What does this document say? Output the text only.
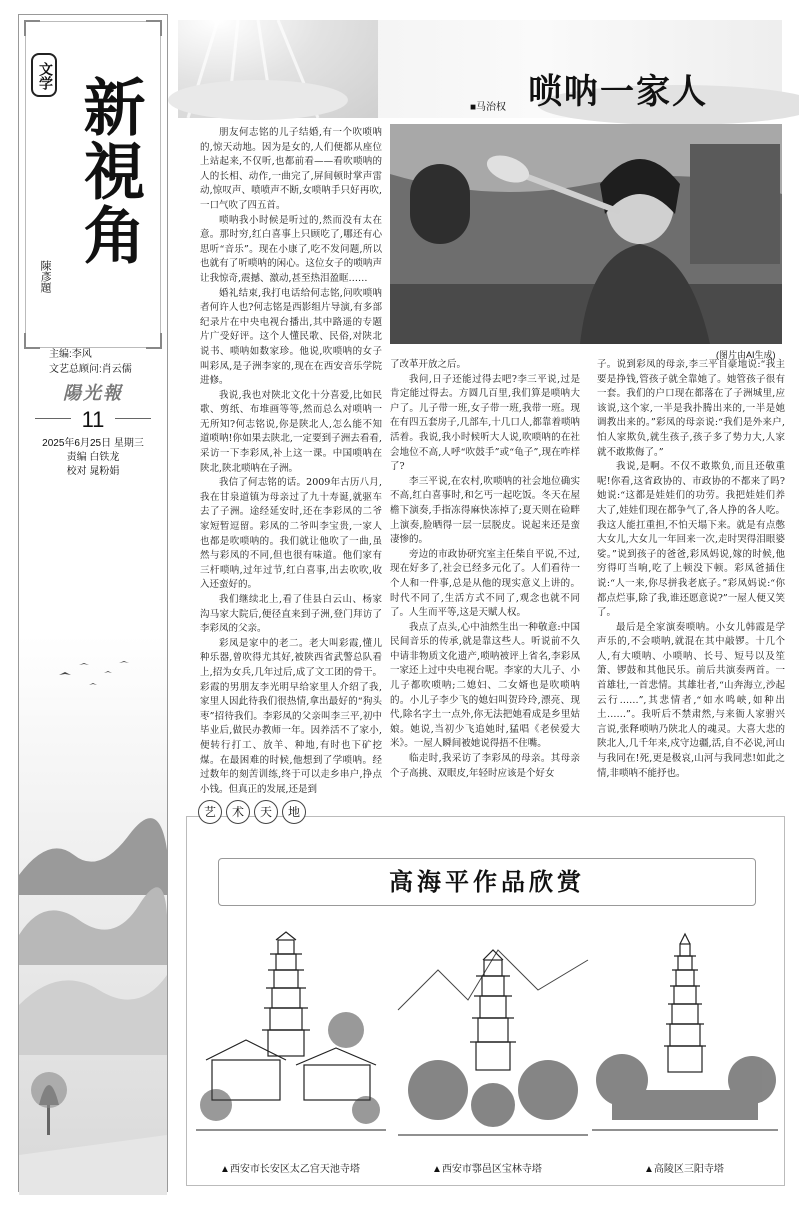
文学 新視角
陳彥題
主编:李风
文艺总顾问:肖云儒
陽光報
11
2025年6月25日 星期三
责编 白铁龙
校对 晁粉娟
唢呐一家人
■马治权
(图片由AI生成)

朋友何志铭的儿子结婚,有一个吹唢呐的,惊天动地。因为是女的,人们便都从座位上站起来,不仅听,也都前看——看吹唢呐的人的长相、动作,一曲完了,屏间顿时掌声雷动,惊叹声、喷喷声不断,女唢呐手只好再吹,一口气吹了四五首。

唢呐我小时候是听过的,然而没有太在意。那时穷,红白喜事上只顾吃了,哪还有心思听“音乐”。现在小康了,吃不发问题,所以也就有了听唢呐的闲心。这位女子的唢呐声让我惊奇,震撼、激动,甚至热泪盈眶……

婚礼结束,我打电话给何志铭,问吹唢呐者何许人也?何志铭是西影组片导演,有多部纪录片在中央电视台播出,其中路遥的专题片广受好评。这个人懂民歌、民俗,对陕北说书、唢呐如数家珍。他说,吹唢呐的女子叫彩凤,是子洲李家的,现在在西安音乐学院进修。

我说,我也对陕北文化十分喜爱,比如民歌、剪纸、布堆画等等,然而总么对唢呐一无所知?何志铭说,你是陕北人,怎么能不知道唢呐!你如果去陕北,一定要到子洲去看看,采访一下李彩凤,补上这一课。中国唢呐在陕北,陕北唢呐在子洲。

我信了何志铭的话。2009年古历八月,我在甘泉道镇为母亲过了九十寿诞,就驱车去了子洲。途经延安时,还在李彩凤的二爷家短暂逗留。彩凤的二爷叫李宝贵,一家人也都是吹唢呐的。我们就让他吹了一曲,虽然与彩凤的不同,但也很有味道。他们家有三杆唢呐,过年过节,红白喜事,出去吹吹,收入还蛮好的。

我们继续北上,看了佳县白云山、杨家沟马家大院后,便径直来到子洲,登门拜访了李彩凤的父亲。

彩凤是家中的老二。老大叫彩霞,懂儿种乐器,曾吹得尤其好,被陕西省武警总队看上,招为女兵,几年过后,成了文工团的骨干。彩霞的男朋友李光明早给家里人介绍了我,家里人因此待我们很热情,拿出最好的“狗头枣”招待我们。李彩凤的父亲叫李三平,初中毕业后,做民办教师一年。因养活不了家小,便转行打工、放羊、种地,有时也下矿挖煤。在最困难的时候,他想到了学唢呐。经过数年的刻苦训练,终于可以走乡串户,挣点小钱。但真正的发展,还是到

了改革开放之后。

我问,日子还能过得去吧?李三平说,过是肯定能过得去。方圆几百里,我们算是唢呐大户了。儿子带一班,女子带一班,我带一班。现在有四五套房子,几部车,十几口人,都靠着唢呐活着。我说,我小时候听大人说,吹唢呐的在社会地位不高,人呼“吹鼓手”或“龟子”,现在咋样了?

李三平说,在农村,吹唢呐的社会地位确实不高,红白喜事时,和乞丐一起吃饭。冬天在屋檐下演奏,手指冻得麻快冻掉了;夏天则在硷畔上演奏,脸晒得一层一层脱皮。说起来还是蛮凄惨的。

旁边的市政协研究室主任柴自平说,不过,现在好多了,社会已经多元化了。人们看待一个人和一件事,总是从他的现实意义上讲的。时代不同了,生活方式不同了,观念也就不同了。人生而平等,这是天赋人权。

我点了点头,心中油然生出一种敬意:中国民间音乐的传承,就是靠这些人。听说前不久中请非物质文化遗产,唢呐被评上省名,李彩凤一家还上过中央电视台呢。李家的大儿子、小儿子都吹唢呐;二媳妇、二女婿也是吹唢呐的。小儿子李少飞的媳妇叫贺玲玲,漂亮、现代,除名字土一点外,你无法把她看成是乡里姑娘。她说,当初少飞追她时,猛唱《老侯爱大米》。一屋人瞬间被她说得捂不住嘴。

临走时,我采访了李彩凤的母亲。其母亲个子高挑、双眼皮,年轻时应该是个好女

子。说到彩凤的母亲,李三平自豪地说:“我主要是挣钱,管孩子就全靠她了。她管孩子很有一套。我们的户口现在都落在了子洲城里,应该说,这个家,一半是我扑腾出来的,一半是她调教出来的。”彩凤的母亲说:“我们是外来户,怕人家欺负,就生孩子,孩子多了势力大,人家就不敢欺侮了。”

我说,是啊。不仅不敢欺负,而且还敬重呢!你看,这省政协的、市政协的不都来了吗?她说:“这都是娃娃们的功劳。我把娃娃们养大了,娃娃们现在都争气了,各人挣的各人吃。我这人能扛重担,不怕天塌下来。就是有点憋大女儿,大女儿一年回来一次,走时哭得泪眼婆娑。”说到孩子的爸爸,彩凤妈说,嫁的时候,他穷得叮当响,吃了上顿没下顿。彩凤爸插住说:“人一来,你尽拼我老底子。”彩凤妈说:“你都点烂事,除了我,谁还愿意说?”一屋人便又笑了。

最后是全家演奏唢呐。小女儿韩霞是学声乐的,不会唢呐,就混在其中敲锣。十几个人,有大唢呐、小唢呐、长号、短号以及笙箫、锣鼓和其他民乐。前后共演奏两首。一首雄壮,一首悲情。其雄壮者,“山奔海立,沙起云行……”,其悲情者,“如水鸣峡,如种出土……”。我听后不禁肃然,与来衙人家驸兴言说,张释唢呐乃陕北人的魂灵。大喜大悲的陕北人,几千年来,戍守边疆,活,自不必说,河山与我同在!死,更是极哀,山河与我同悲!如此之情,非唢呐不能抒也。

艺	术	天	地
高海平作品欣赏
▲西安市长安区太乙宫天池寺塔	▲西安市鄠邑区宝林寺塔	▲高陵区三阳寺塔
